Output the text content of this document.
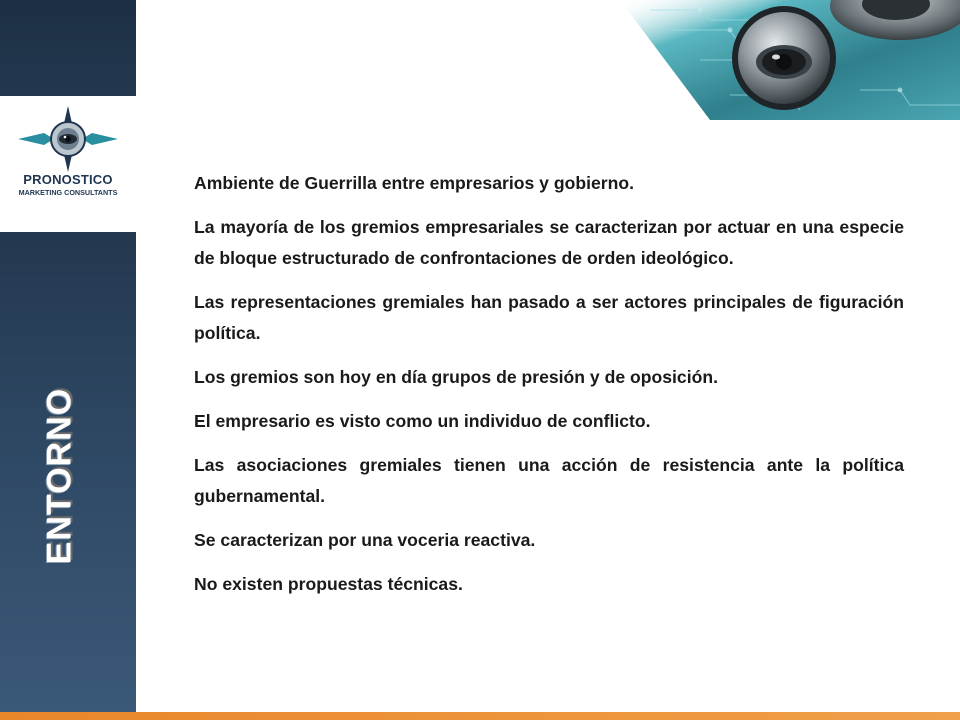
PRONOSTICO
MARKETING CONSULTANTS
ENTORNO

Ambiente de Guerrilla entre empresarios y gobierno.

La mayoría de los gremios empresariales se caracterizan por actuar en una especie de bloque estructurado de confrontaciones de orden ideológico.

Las representaciones gremiales han pasado a ser actores principales de figuración política.

Los gremios son hoy en día grupos de presión y de oposición.

El empresario es visto como un individuo de conflicto.

Las asociaciones gremiales tienen una acción de resistencia ante la política gubernamental.

Se caracterizan por una voceria reactiva.

No existen propuestas técnicas.
